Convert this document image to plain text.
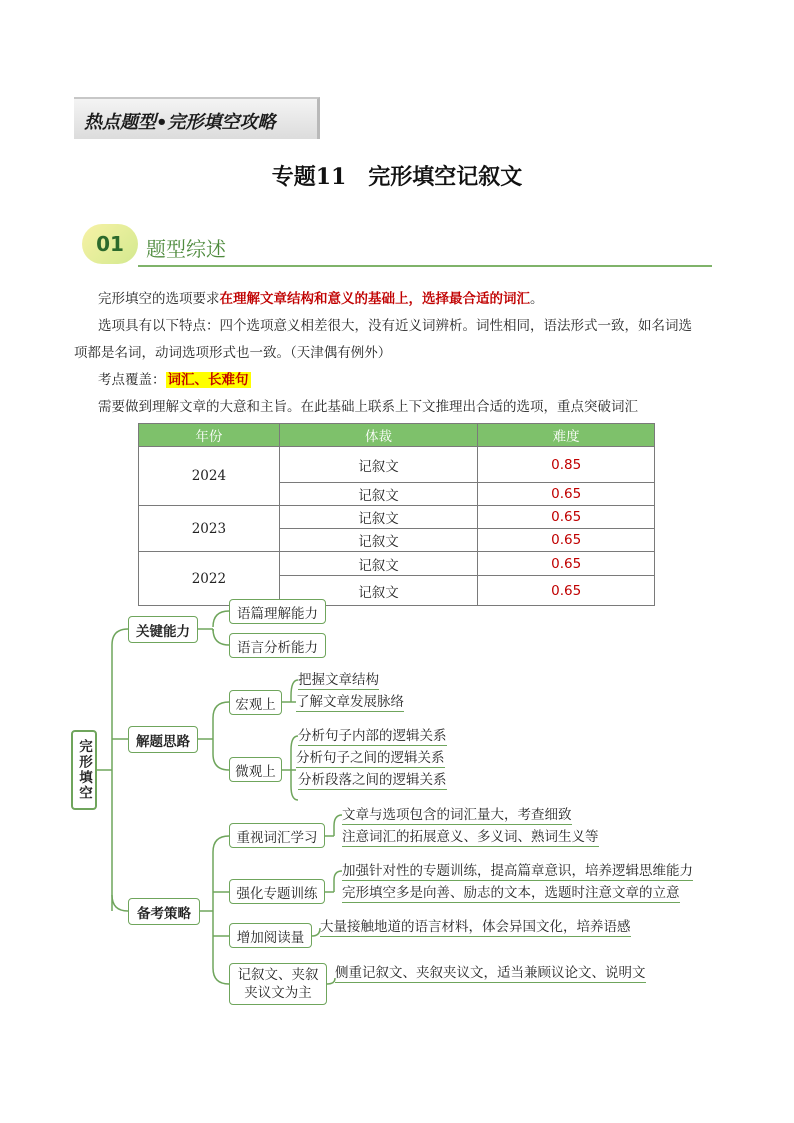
热点题型•完形填空攻略
专题11　完形填空记叙文
01	题型综述
完形填空的选项要求在理解文章结构和意义的基础上，选择最合适的词汇。
选项具有以下特点：四个选项意义相差很大，没有近义词辨析。词性相同，语法形式一致，如名词选
项都是名词，动词选项形式也一致。（天津偶有例外）
考点覆盖： 词汇、长难句
需要做到理解文章的大意和主旨。在此基础上联系上下文推理出合适的选项，重点突破词汇
年份	体裁	难度
2024	记叙文	0.85
	记叙文	0.65
2023	记叙文	0.65
	记叙文	0.65
2022	记叙文	0.65
	记叙文	0.65
完形填空
关键能力
解题思路
备考策略
语篇理解能力
语言分析能力
宏观上
微观上
把握文章结构
了解文章发展脉络
分析句子内部的逻辑关系
分析句子之间的逻辑关系
分析段落之间的逻辑关系
重视词汇学习
强化专题训练
增加阅读量
记叙文、夹叙
夹议文为主
文章与选项包含的词汇量大，考查细致
注意词汇的拓展意义、多义词、熟词生义等
加强针对性的专题训练，提高篇章意识，培养逻辑思维能力
完形填空多是向善、励志的文本，选题时注意文章的立意
大量接触地道的语言材料，体会异国文化，培养语感
侧重记叙文、夹叙夹议文，适当兼顾议论文、说明文
